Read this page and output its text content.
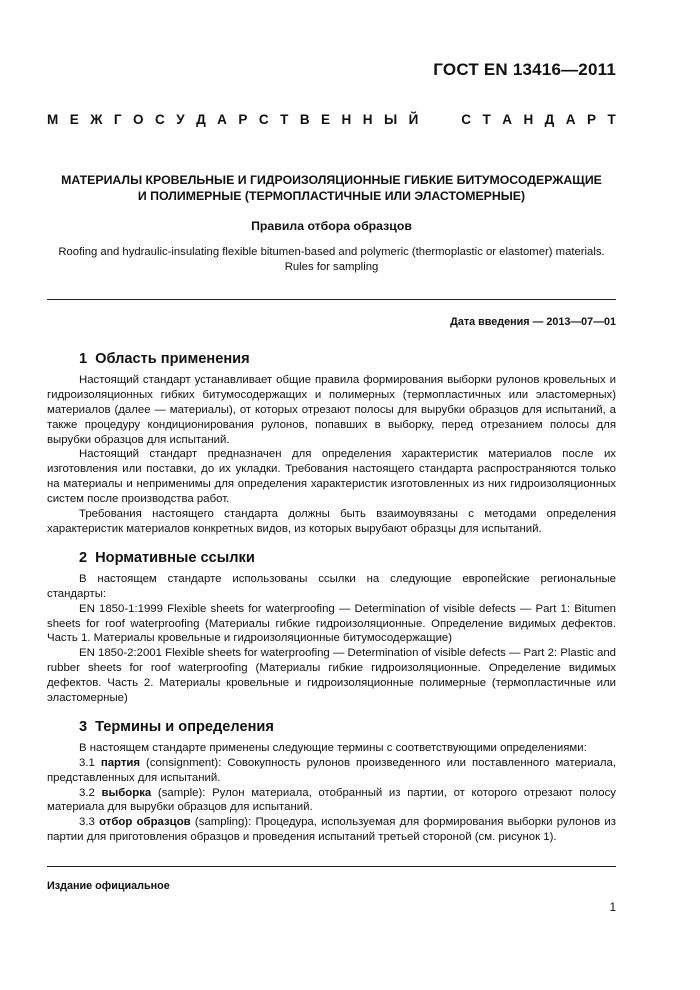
ГОСТ EN 13416—2011
М Е Ж Г О С У Д А Р С Т В Е Н Н Ы Й	С Т А Н Д А Р Т
МАТЕРИАЛЫ КРОВЕЛЬНЫЕ И ГИДРОИЗОЛЯЦИОННЫЕ ГИБКИЕ БИТУМОСОДЕРЖАЩИЕ
И ПОЛИМЕРНЫЕ (ТЕРМОПЛАСТИЧНЫЕ ИЛИ ЭЛАСТОМЕРНЫЕ)
Правила отбора образцов
Roofing and hydraulic-insulating flexible bitumen-based and polymeric (thermoplastic or elastomer) materials.
Rules for sampling
Дата введения — 2013—07—01
1 Область применения

Настоящий стандарт устанавливает общие правила формирования выборки рулонов кровельных и гидроизоляционных гибких битумосодержащих и полимерных (термопластичных или эластомерных) материалов (далее — материалы), от которых отрезают полосы для вырубки образцов для испытаний, а также процедуру кондиционирования рулонов, попавших в выборку, перед отрезанием полосы для вырубки образцов для испытаний.

Настоящий стандарт предназначен для определения характеристик материалов после их изготовления или поставки, до их укладки. Требования настоящего стандарта распространяются только на материалы и неприменимы для определения характеристик изготовленных из них гидроизоляционных систем после производства работ.

Требования настоящего стандарта должны быть взаимоувязаны с методами определения характеристик материалов конкретных видов, из которых вырубают образцы для испытаний.

2 Нормативные ссылки

В настоящем стандарте использованы ссылки на следующие европейские региональные стандарты:

EN 1850-1:1999 Flexible sheets for waterproofing — Determination of visible defects — Part 1: Bitumen sheets for roof waterproofing (Материалы гибкие гидроизоляционные. Определение видимых дефектов. Часть 1. Материалы кровельные и гидроизоляционные битумосодержащие)

EN 1850-2:2001 Flexible sheets for waterproofing — Determination of visible defects — Part 2: Plastic and rubber sheets for roof waterproofing (Материалы гибкие гидроизоляционные. Определение видимых дефектов. Часть 2. Материалы кровельные и гидроизоляционные полимерные (термопластичные или эластомерные)

3 Термины и определения

В настоящем стандарте применены следующие термины с соответствующими определениями:

3.1 партия (consignment): Совокупность рулонов произведенного или поставленного материала, представленных для испытаний.

3.2 выборка (sample): Рулон материала, отобранный из партии, от которого отрезают полосу материала для вырубки образцов для испытаний.

3.3 отбор образцов (sampling): Процедура, используемая для формирования выборки рулонов из партии для приготовления образцов и проведения испытаний третьей стороной (см. рисунок 1).

Издание официальное
1
